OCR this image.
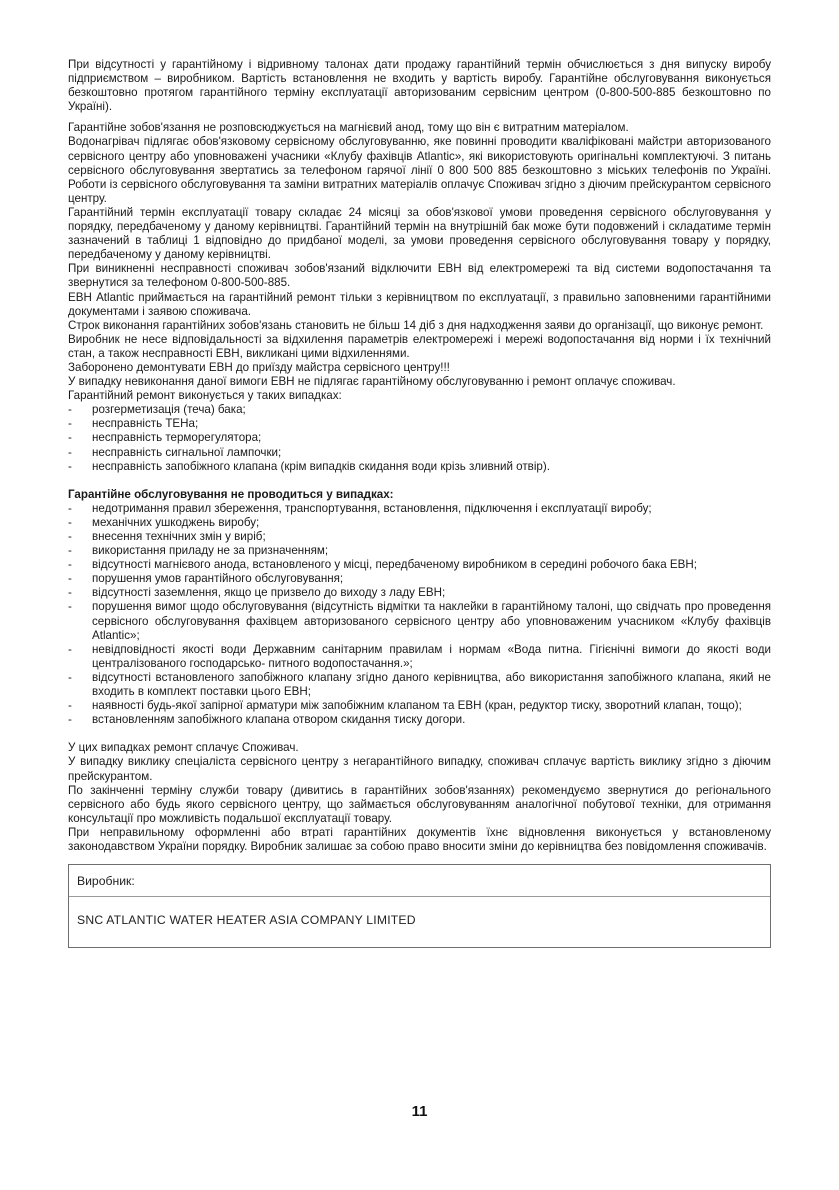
При відсутності у гарантійному і відривному талонах дати продажу гарантійний термін обчислюється з дня випуску виробу підприємством – виробником. Вартість встановлення не входить у вартість виробу. Гарантійне обслуговування виконується безкоштовно протягом гарантійного терміну експлуатації авторизованим сервісним центром (0-800-500-885 безкоштовно по Україні).

Гарантійне зобов'язання не розповсюджується на магнієвий анод, тому що він є витратним матеріалом.

Водонагрівач підлягає обов'язковому сервісному обслуговуванню, яке повинні проводити кваліфіковані майстри авторизованого сервісного центру або уповноважені учасники «Клубу фахівців Atlantic», які використовують оригінальні комплектуючі. З питань сервісного обслуговування звертатись за телефоном гарячої лінії 0 800 500 885 безкоштовно з міських телефонів по Україні. Роботи із сервісного обслуговування та заміни витратних матеріалів оплачує Споживач згідно з діючим прейскурантом сервісного центру.

Гарантійний термін експлуатації товару складає 24 місяці за обов'язкової умови проведення сервісного обслуговування у порядку, передбаченому у даному керівництві. Гарантійний термін на внутрішній бак може бути подовжений і складатиме термін зазначений в таблиці 1 відповідно до придбаної моделі, за умови проведення сервісного обслуговування товару у порядку, передбаченому у даному керівництві.

При виникненні несправності споживач зобов'язаний відключити ЕВН від електромережі та від системи водопостачання та звернутися за телефоном 0-800-500-885.

ЕВН Atlantic приймається на гарантійний ремонт тільки з керівництвом по експлуатації, з правильно заповненими гарантійними документами і заявою споживача.

Строк виконання гарантійних зобов'язань становить не більш 14 діб з дня надходження заяви до організації, що виконує ремонт.

Виробник не несе відповідальності за відхилення параметрів електромережі і мережі водопостачання від норми і їх технічний стан, а також несправності ЕВН, викликані цими відхиленнями.

Заборонено демонтувати ЕВН до приїзду майстра сервісного центру!!!

У випадку невиконання даної вимоги ЕВН не підлягає гарантійному обслуговуванню і ремонт оплачує споживач.

Гарантійний ремонт виконується у таких випадках:

- розгерметизація (теча) бака;
- несправність ТЕНа;
- несправність терморегулятора;
- несправність сигнальної лампочки;
- несправність запобіжного клапана (крім випадків скидання води крізь зливний отвір).

Гарантійне обслуговування не проводиться у випадках:

- недотримання правил збереження, транспортування, встановлення, підключення і експлуатації виробу;
- механічних ушкоджень виробу;
- внесення технічних змін у виріб;
- використання приладу не за призначенням;
- відсутності магнієвого анода, встановленого у місці, передбаченому виробником в середині робочого бака ЕВН;
- порушення умов гарантійного обслуговування;
- відсутності заземлення, якщо це призвело до виходу з ладу ЕВН;
- порушення вимог щодо обслуговування (відсутність відмітки та наклейки в гарантійному талоні, що свідчать про проведення сервісного обслуговування фахівцем авторизованого сервісного центру або уповноваженим учасником «Клубу фахівців Atlantic»;
- невідповідності якості води Державним санітарним правилам і нормам «Вода питна. Гігієнічні вимоги до якості води централізованого господарсько- питного водопостачання.»;
- відсутності встановленого запобіжного клапану згідно даного керівництва, або використання запобіжного клапана, який не входить в комплект поставки цього ЕВН;
- наявності будь-якої запірної арматури між запобіжним клапаном та ЕВН (кран, редуктор тиску, зворотний клапан, тощо);
- встановленням запобіжного клапана отвором скидання тиску догори.

У цих випадках ремонт сплачує Споживач.

У випадку виклику спеціаліста сервісного центру з негарантійного випадку, споживач сплачує вартість виклику згідно з діючим прейскурантом.

По закінченні терміну служби товару (дивитись в гарантійних зобов'язаннях) рекомендуємо звернутися до регіонального сервісного або будь якого сервісного центру, що займається обслуговуванням аналогічної побутової техніки, для отримання консультації про можливість подальшої експлуатації товару.

При неправильному оформленні або втраті гарантійних документів їхнє відновлення виконується у встановленому законодавством України порядку. Виробник залишає за собою право вносити зміни до керівництва без повідомлення споживачів.

Виробник:
SNC ATLANTIC WATER HEATER ASIA COMPANY LIMITED
11
